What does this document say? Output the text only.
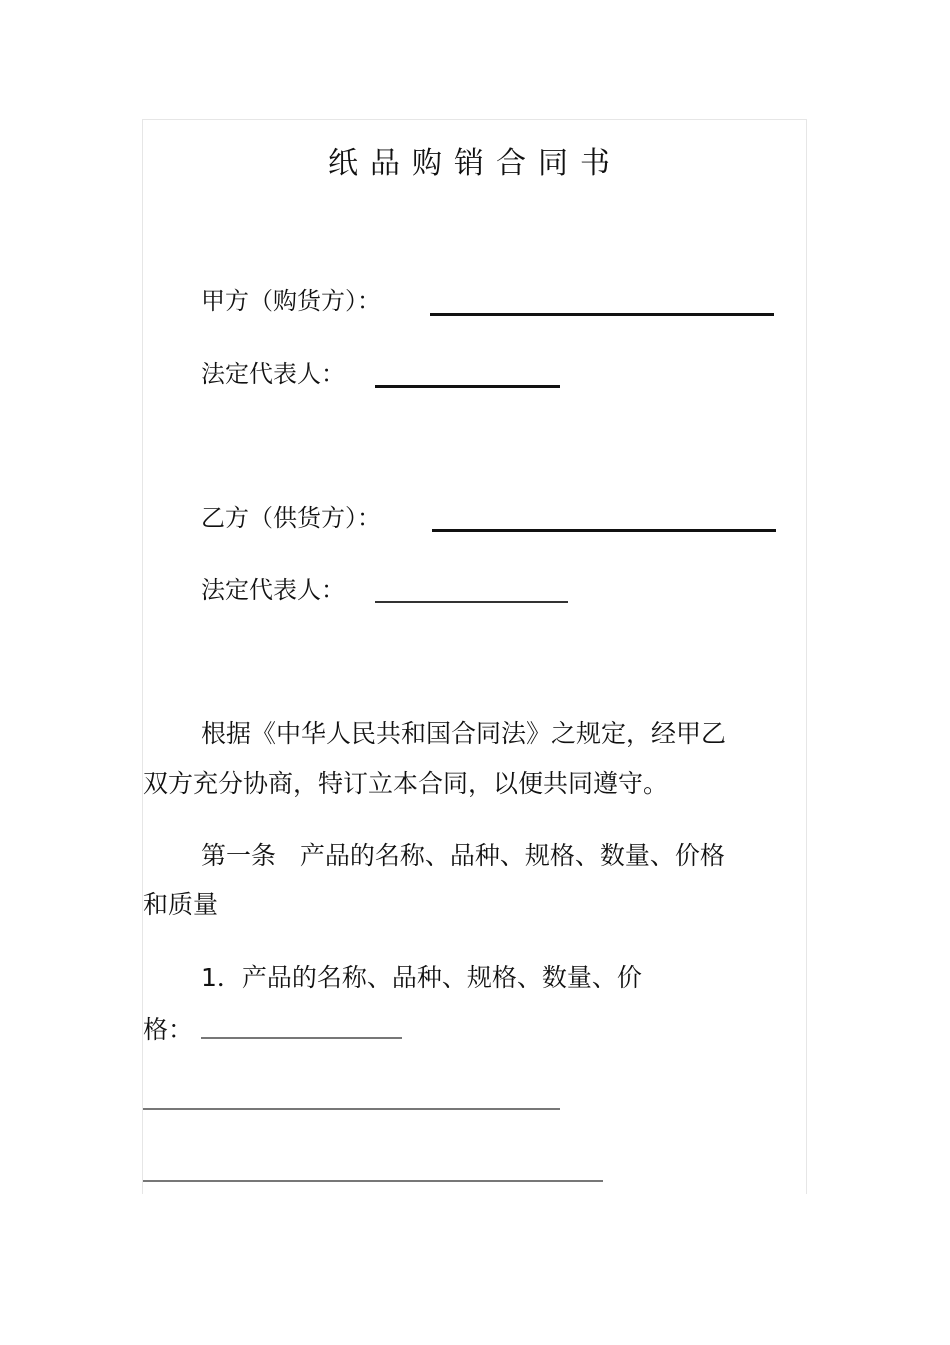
纸品购销合同书
甲方（购货方）：
法定代表人：
乙方（供货方）：
法定代表人：
根据《中华人民共和国合同法》之规定，经甲乙
双方充分协商，特订立本合同，以便共同遵守。
第一条   产品的名称、品种、规格、数量、价格
和质量
1．产品的名称、品种、规格、数量、价
格：
